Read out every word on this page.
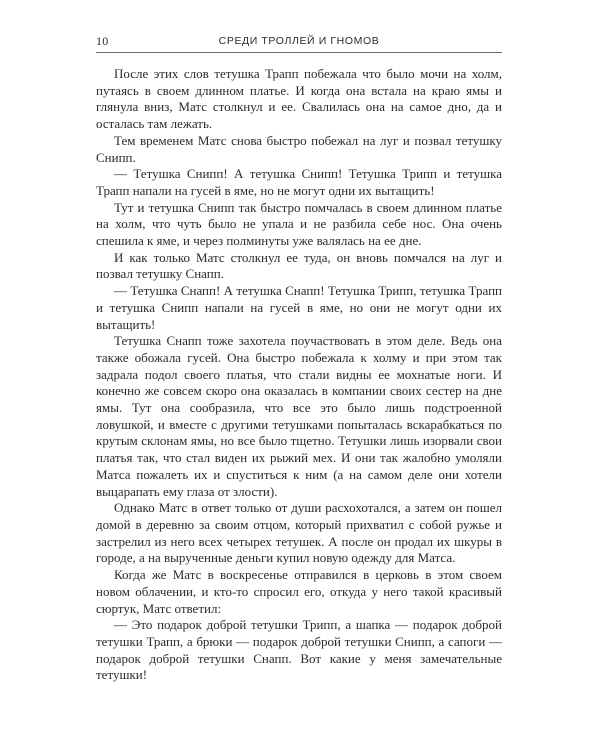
10	СРЕДИ ТРОЛЛЕЙ И ГНОМОВ

После этих слов тетушка Трапп побежала что было мочи на холм, путаясь в своем длинном платье. И когда она встала на краю ямы и глянула вниз, Матс столкнул и ее. Свалилась она на самое дно, да и осталась там лежать.

Тем временем Матс снова быстро побежал на луг и позвал тетушку Снипп.

— Тетушка Снипп! А тетушка Снипп! Тетушка Трипп и тетушка Трапп напали на гусей в яме, но не могут одни их вытащить!

Тут и тетушка Снипп так быстро помчалась в своем длинном платье на холм, что чуть было не упала и не разбила себе нос. Она очень спешила к яме, и через полминуты уже валялась на ее дне.

И как только Матс столкнул ее туда, он вновь помчался на луг и позвал тетушку Снапп.

— Тетушка Снапп! А тетушка Снапп! Тетушка Трипп, тетушка Трапп и тетушка Снипп напали на гусей в яме, но они не могут одни их вытащить!

Тетушка Снапп тоже захотела поучаствовать в этом деле. Ведь она также обожала гусей. Она быстро побежала к холму и при этом так задрала подол своего платья, что стали видны ее мохнатые ноги. И конечно же совсем скоро она оказалась в компании своих сестер на дне ямы. Тут она сообразила, что все это было лишь подстроенной ловушкой, и вместе с другими тетушками попыталась вскарабкаться по крутым склонам ямы, но все было тщетно. Тетушки лишь изорвали свои платья так, что стал виден их рыжий мех. И они так жалобно умоляли Матса пожалеть их и спуститься к ним (а на самом деле они хотели выцарапать ему глаза от злости).

Однако Матс в ответ только от души расхохотался, а затем он пошел домой в деревню за своим отцом, который прихватил с собой ружье и застрелил из него всех четырех тетушек. А после он продал их шкуры в городе, а на вырученные деньги купил новую одежду для Матса.

Когда же Матс в воскресенье отправился в церковь в этом своем новом облачении, и кто-то спросил его, откуда у него такой красивый сюртук, Матс ответил:

— Это подарок доброй тетушки Трипп, а шапка — подарок доброй тетушки Трапп, а брюки — подарок доброй тетушки Снипп, а сапоги — подарок доброй тетушки Снапп. Вот какие у меня замечательные тетушки!
